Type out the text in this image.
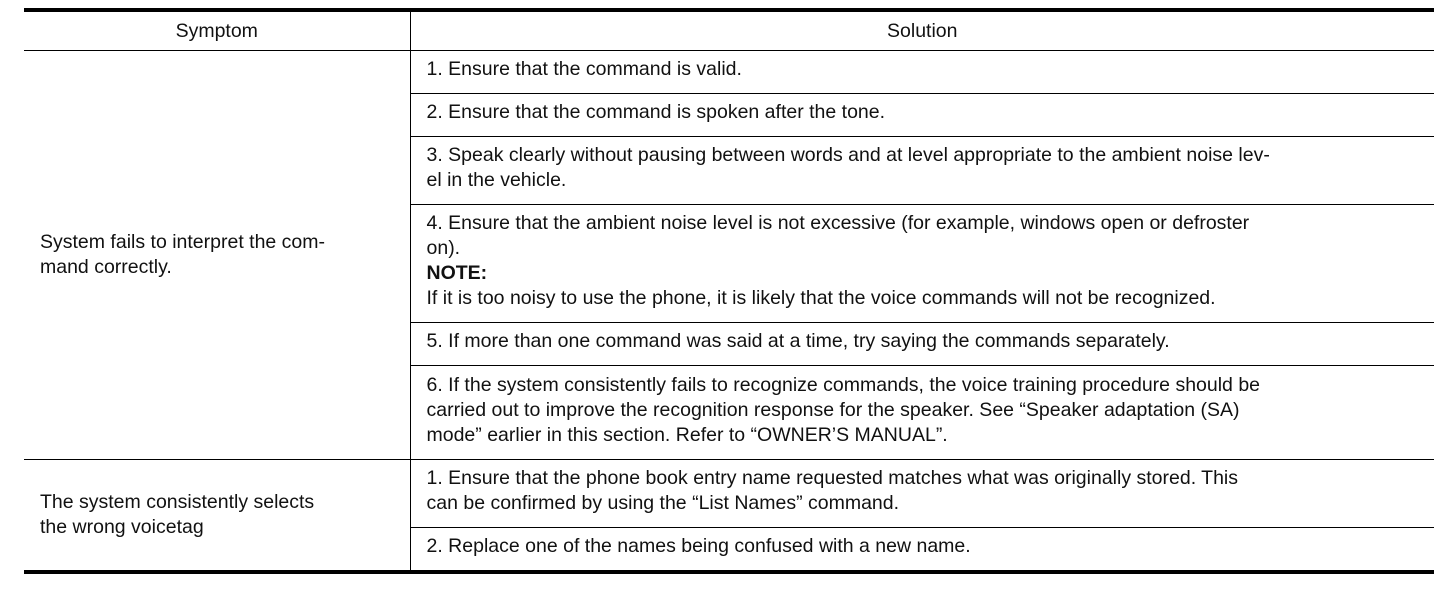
Symptom	Solution
System fails to interpret the com-
mand correctly.	1. Ensure that the command is valid.
	2. Ensure that the command is spoken after the tone.
	3. Speak clearly without pausing between words and at level appropriate to the ambient noise lev-
el in the vehicle.

	4. Ensure that the ambient noise level is not excessive (for example, windows open or defroster
on).
NOTE:
If it is too noisy to use the phone, it is likely that the voice commands will not be recognized.

	5. If more than one command was said at a time, try saying the commands separately.
	6. If the system consistently fails to recognize commands, the voice training procedure should be
carried out to improve the recognition response for the speaker. See “Speaker adaptation (SA)
mode” earlier in this section. Refer to “OWNER’S MANUAL”.
The system consistently selects
the wrong voicetag	1. Ensure that the phone book entry name requested matches what was originally stored. This
can be confirmed by using the “List Names” command.
	2. Replace one of the names being confused with a new name.
